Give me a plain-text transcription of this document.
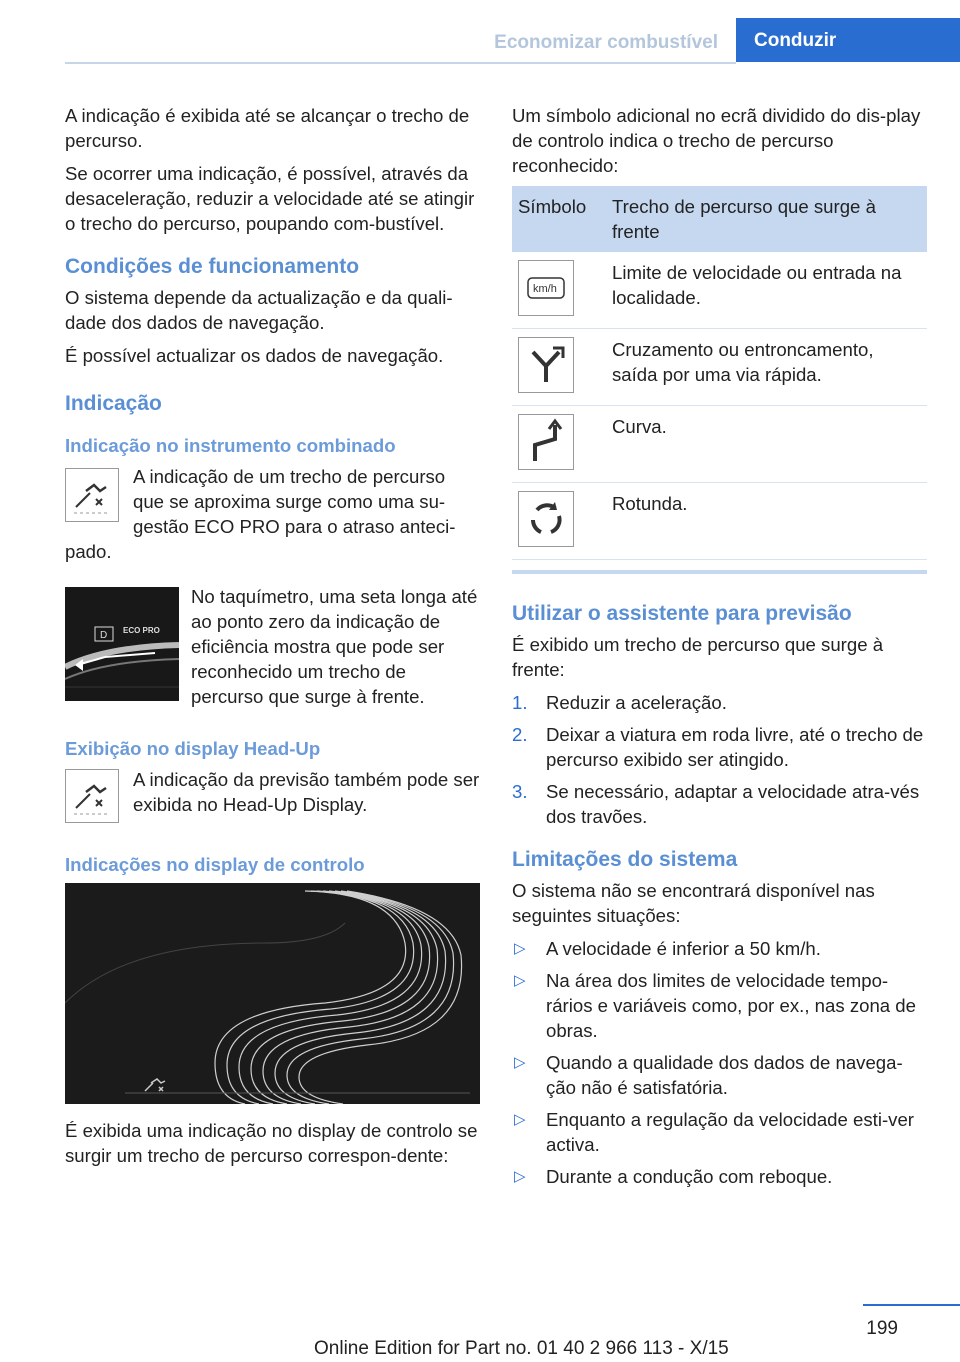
Economizar combustível	Conduzir

A indicação é exibida até se alcançar o trecho de percurso.

Se ocorrer uma indicação, é possível, através da desaceleração, reduzir a velocidade até se atingir o trecho do percurso, poupando com‐bustível.

Condições de funcionamento

O sistema depende da actualização e da quali‐dade dos dados de navegação.

É possível actualizar os dados de navegação.

Indicação
Indicação no instrumento combinado

A indicação de um trecho de percurso que se aproxima surge como uma su‐gestão ECO PRO para o atraso anteci‐pado.

D ECO PRO

No taquímetro, uma seta longa até ao ponto zero da indicação de eficiência mostra que pode ser reconhecido um trecho de percurso que surge à frente.

Exibição no display Head-Up

A indicação da previsão também pode ser exibida no Head-Up Display.

Indicações no display de controlo

É exibida uma indicação no display de controlo se surgir um trecho de percurso correspon‐dente:

Um símbolo adicional no ecrã dividido do dis‐play de controlo indica o trecho de percurso reconhecido:

Símbolo	Trecho de percurso que surge à frente

km/h	Limite de velocidade ou entrada na localidade.

	Cruzamento ou entroncamento, saída por uma via rápida.

	Curva.

	Rotunda.
Utilizar o assistente para previsão

É exibido um trecho de percurso que surge à frente:

1. Reduzir a aceleração.
2. Deixar a viatura em roda livre, até o trecho de percurso exibido ser atingido.
3. Se necessário, adaptar a velocidade atra‐vés dos travões.
Limitações do sistema

O sistema não se encontrará disponível nas seguintes situações:

▷ A velocidade é inferior a 50 km/h.
▷ Na área dos limites de velocidade tempo‐rários e variáveis como, por ex., nas zona de obras.
▷ Quando a qualidade dos dados de navega‐ção não é satisfatória.
▷ Enquanto a regulação da velocidade esti‐ver activa.
▷ Durante a condução com reboque.
199
Online Edition for Part no. 01 40 2 966 113 - X/15
